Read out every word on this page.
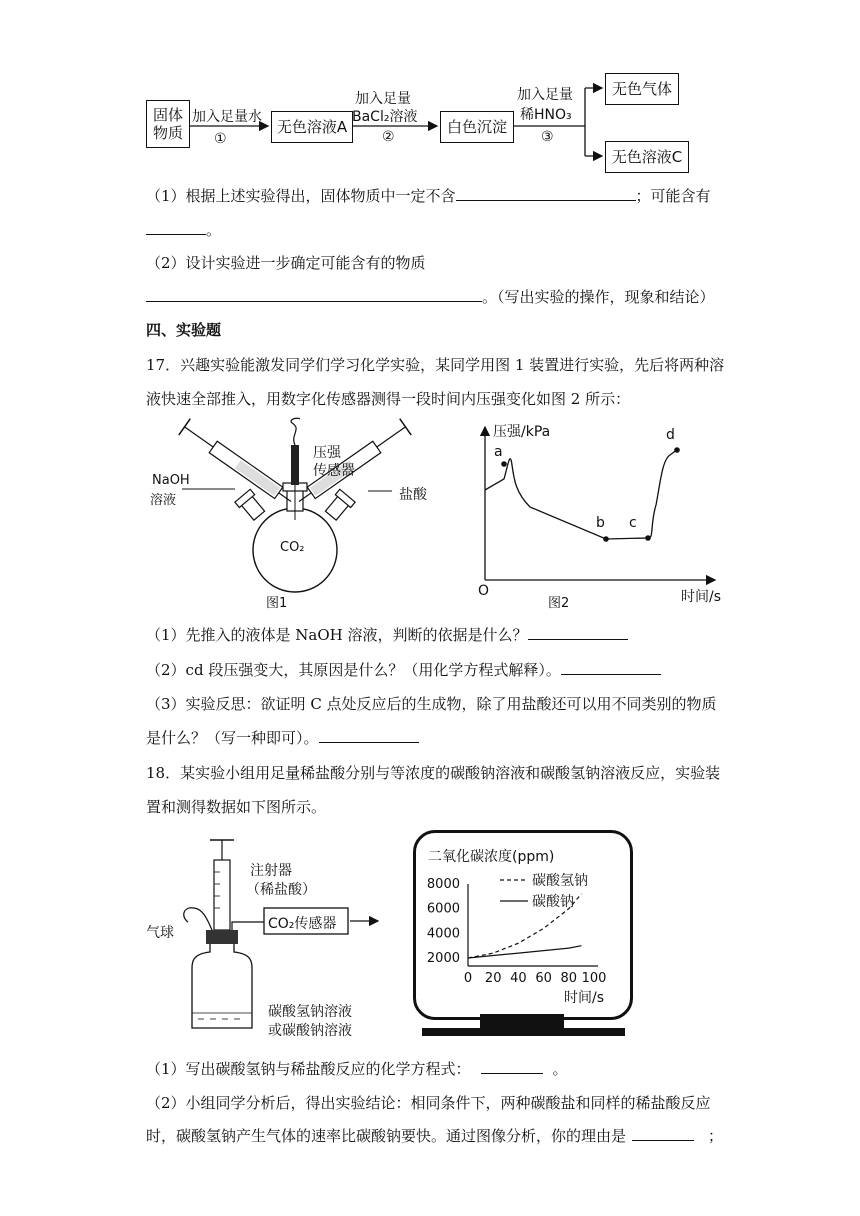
固体
物质
加入足量水
①
无色溶液A
加入足量
BaCl₂溶液
②
白色沉淀
加入足量
稀HNO₃
③
无色气体
无色溶液C
（1）根据上述实验得出，固体物质中一定不含	；可能含有
。
（2）设计实验进一步确定可能含有的物质
。（写出实验的操作，现象和结论）
四、实验题
17．兴趣实验能激发同学们学习化学实验，某同学用图 1 装置进行实验，先后将两种溶
液快速全部推入，用数字化传感器测得一段时间内压强变化如图 2 所示：
NaOH
溶液
压强
传感器
盐酸
CO₂
图1
压强/kPa
时间/s
O
a
b c
d
图2
（1）先推入的液体是 NaOH 溶液，判断的依据是什么？
（2）cd 段压强变大，其原因是什么？（用化学方程式解释）。
（3）实验反思：欲证明 C 点处反应后的生成物，除了用盐酸还可以用不同类别的物质
是什么？（写一种即可）。
18．某实验小组用足量稀盐酸分别与等浓度的碳酸钠溶液和碳酸氢钠溶液反应，实验装
置和测得数据如下图所示。
注射器
（稀盐酸）
气球
CO₂传感器
碳酸氢钠溶液
或碳酸钠溶液
二氧化碳浓度(ppm)
碳酸氢钠
碳酸钠
0 20 40 60 80 100
2000
4000
6000
8000
时间/s
（1）写出碳酸氢钠与稀盐酸反应的化学方程式：	。
（2）小组同学分析后，得出实验结论：相同条件下，两种碳酸盐和同样的稀盐酸反应
时，碳酸氢钠产生气体的速率比碳酸钠要快。通过图像分析，你的理由是	；
